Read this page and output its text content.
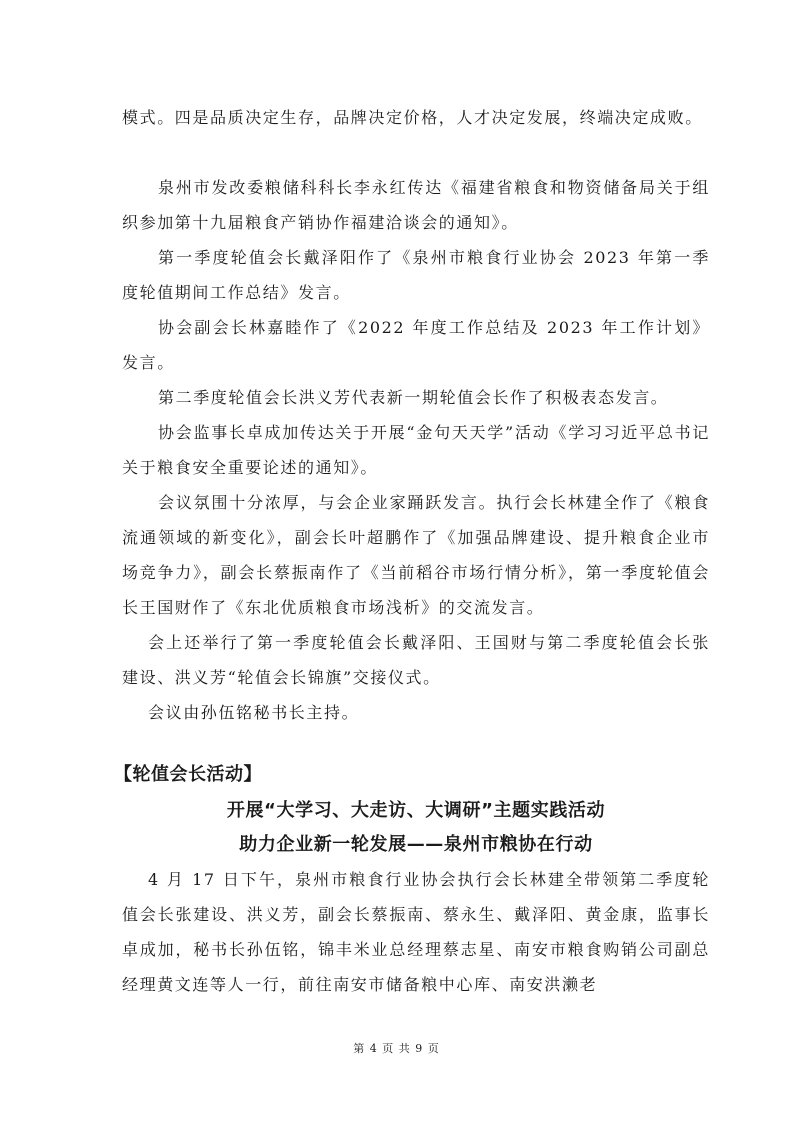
模式。四是品质决定生存，品牌决定价格，人才决定发展，终端决定成败。

泉州市发改委粮储科科长李永红传达《福建省粮食和物资储备局关于组织参加第十九届粮食产销协作福建洽谈会的通知》。

第一季度轮值会长戴泽阳作了《泉州市粮食行业协会 2023 年第一季度轮值期间工作总结》发言。

协会副会长林嘉睦作了《2022 年度工作总结及 2023 年工作计划》发言。

第二季度轮值会长洪义芳代表新一期轮值会长作了积极表态发言。

协会监事长卓成加传达关于开展“金句天天学”活动《学习习近平总书记关于粮食安全重要论述的通知》。

会议氛围十分浓厚，与会企业家踊跃发言。执行会长林建全作了《粮食流通领域的新变化》，副会长叶超鹏作了《加强品牌建设、提升粮食企业市场竞争力》，副会长蔡振南作了《当前稻谷市场行情分析》，第一季度轮值会长王国财作了《东北优质粮食市场浅析》的交流发言。

会上还举行了第一季度轮值会长戴泽阳、王国财与第二季度轮值会长张建设、洪义芳“轮值会长锦旗”交接仪式。

会议由孙伍铭秘书长主持。

【轮值会长活动】
开展“大学习、大走访、大调研”主题实践活动
助力企业新一轮发展——泉州市粮协在行动

4 月 17 日下午，泉州市粮食行业协会执行会长林建全带领第二季度轮值会长张建设、洪义芳，副会长蔡振南、蔡永生、戴泽阳、黄金康，监事长卓成加，秘书长孙伍铭，锦丰米业总经理蔡志星、南安市粮食购销公司副总经理黄文连等人一行，前往南安市储备粮中心库、南安洪濑老

第 4 页 共 9 页
